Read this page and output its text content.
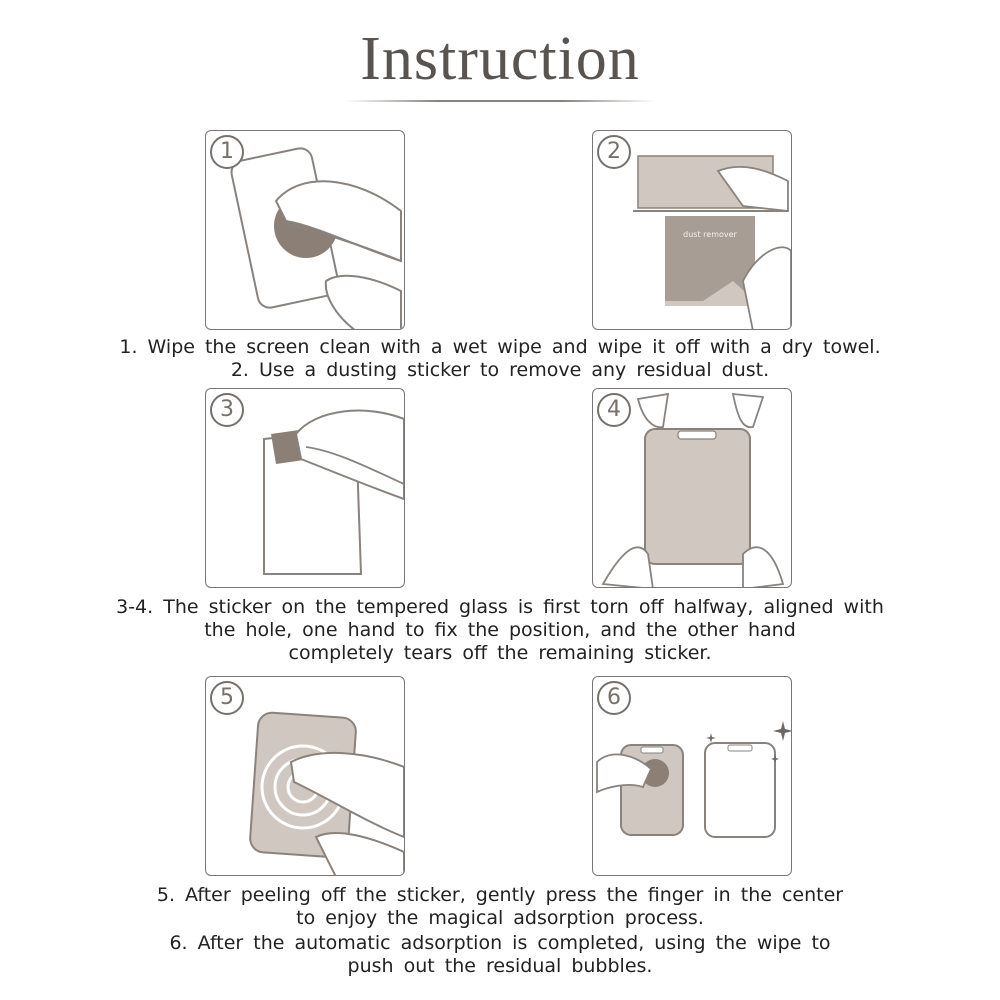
Instruction
1	2
dust remover
1. Wipe the screen clean with a wet wipe and wipe it off with a dry towel.
2. Use a dusting sticker to remove any residual dust.
3	4
3-4. The sticker on the tempered glass is first torn off halfway, aligned with
the hole, one hand to fix the position, and the other hand
completely tears off the remaining sticker.
5	6
5. After peeling off the sticker, gently press the finger in the center
to enjoy the magical adsorption process.
6. After the automatic adsorption is completed, using the wipe to
push out the residual bubbles.
